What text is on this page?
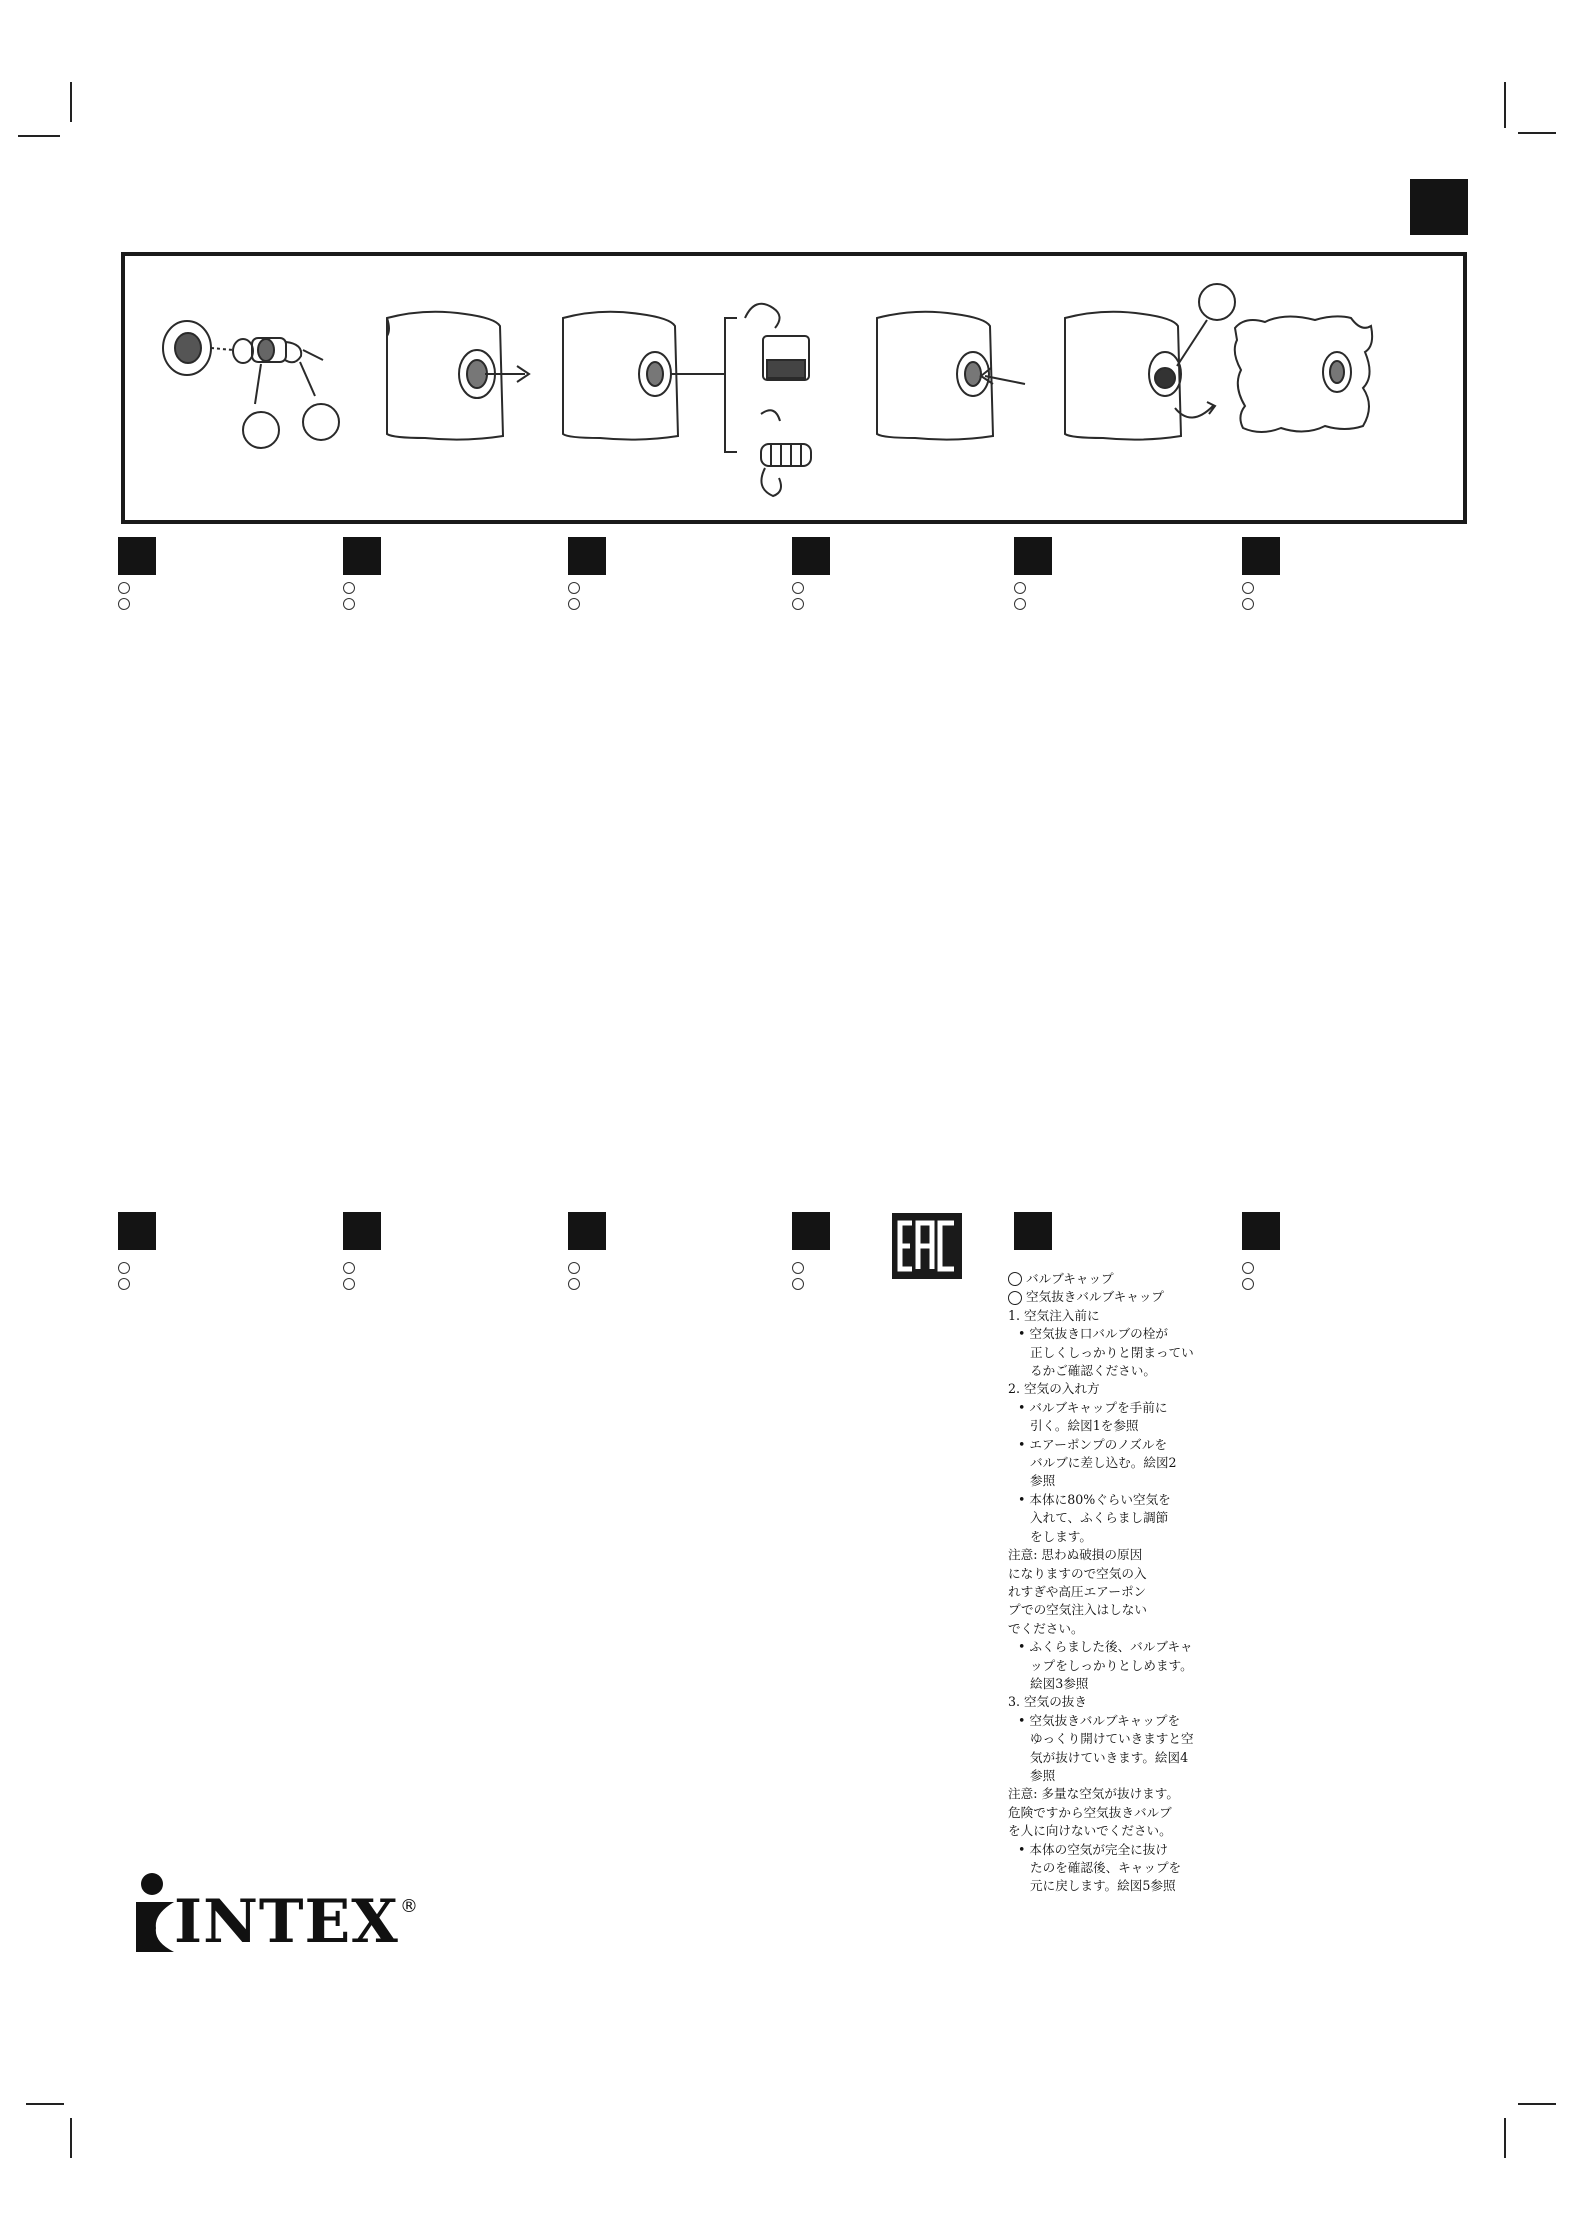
バルブキャップ
空気抜きバルブキャップ
1. 空気注入前に
• 空気抜き口バルブの栓が
正しくしっかりと閉まってい
るかご確認ください。
2. 空気の入れ方
• バルブキャップを手前に
引く。絵図1を参照
• エアーポンプのノズルを
バルブに差し込む。絵図2
参照
• 本体に80%ぐらい空気を
入れて、ふくらまし調節
をします。
注意: 思わぬ破損の原因
になりますので空気の入
れすぎや高圧エアーポン
プでの空気注入はしない
でください。
• ふくらました後、バルブキャ
ップをしっかりとしめます。
絵図3参照
3. 空気の抜き
• 空気抜きバルブキャップを
ゆっくり開けていきますと空
気が抜けていきます。絵図4
参照
注意: 多量な空気が抜けます。
危険ですから空気抜きバルブ
を人に向けないでください。
• 本体の空気が完全に抜け
たのを確認後、キャップを
元に戻します。絵図5参照
INTEX ®
